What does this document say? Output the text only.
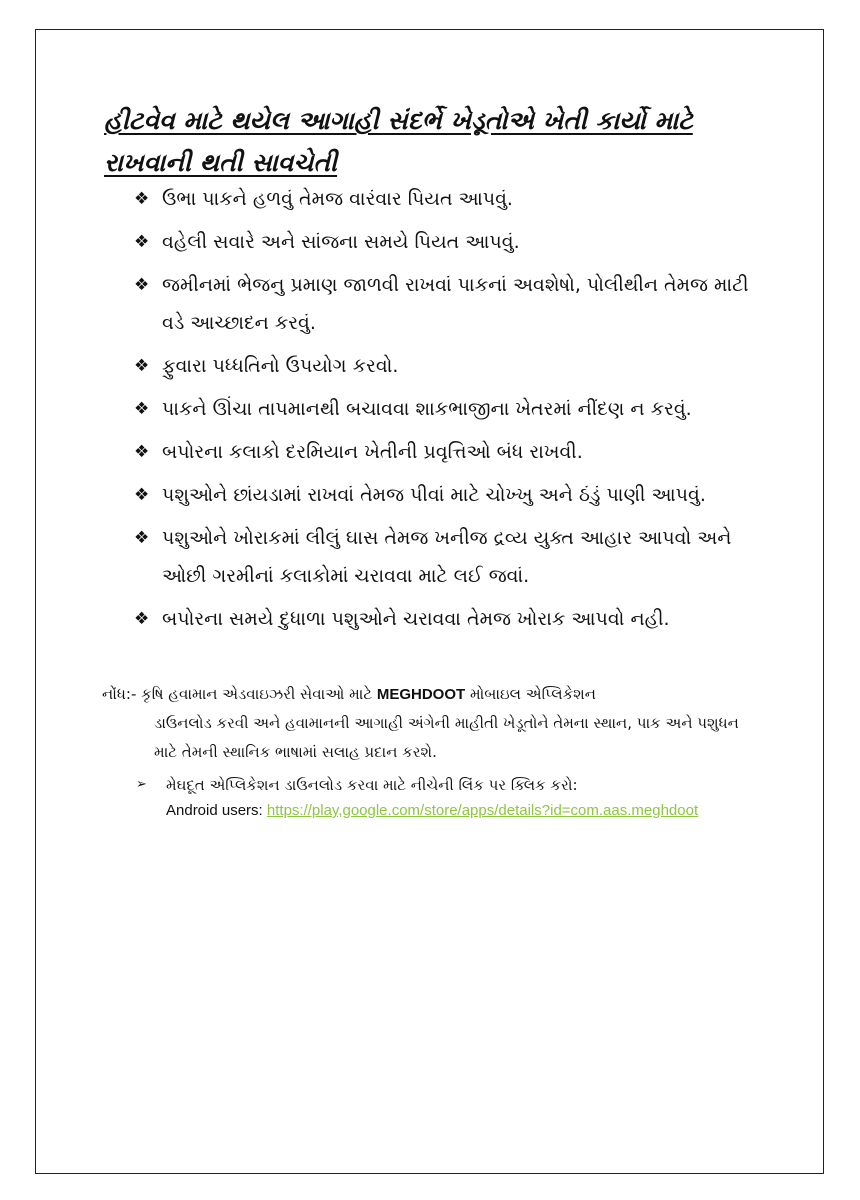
હીટવેવ માટે થયેલ આગાહી સંદર્ભે ખેડૂતોએ ખેતી કાર્યો માટે રાખવાની થતી સાવચેતી
❖ ઉભા પાકને હળવું તેમજ વારંવાર પિયત આપવું.
❖ વહેલી સવારે અને સાંજના સમયે પિયત આપવું.
❖ જમીનમાં ભેજનુ પ્રમાણ જાળવી રાખવાં પાકનાં અવશેષો, પોલીથીન તેમજ માટી વડે આચ્છાદન કરવું.
❖ ફુવારા પધ્ધતિનો ઉપયોગ કરવો.
❖ પાકને ઊંચા તાપમાનથી બચાવવા શાકભાજીના ખેતરમાં નીંદણ ન કરવું.
❖ બપોરના કલાકો દરમિયાન ખેતીની પ્રવૃત્તિઓ બંધ રાખવી.
❖ પશુઓને છાંયડામાં રાખવાં તેમજ પીવાં માટે ચોખ્ખુ અને ઠંડું પાણી આપવું.
❖ પશુઓને ખોરાકમાં લીલું ઘાસ તેમજ ખનીજ દ્રવ્ય યુક્ત આહાર આપવો અને ઓછી ગરમીનાં કલાકોમાં ચરાવવા માટે લઈ જવાં.
❖ બપોરના સમયે દુધાળા પશુઓને ચરાવવા તેમજ ખોરાક આપવો નહી.
નોંધ:- કૃષિ હવામાન એડવાઇઝરી સેવાઓ માટે MEGHDOOT મોબાઇલ એપ્લિકેશન
ડાઉનલોડ કરવી અને હવામાનની આગાહી અંગેની માહીતી ખેડૂતોને તેમના સ્થાન, પાક અને પશુધન માટે તેમની સ્થાનિક ભાષામાં સલાહ પ્રદાન કરશે.
➢	મેઘદૂત એપ્લિકેશન ડાઉનલોડ કરવા માટે નીચેની લિંક પર ક્લિક કરો:
Android users: https://play,google.com/store/apps/details?id=com.aas.meghdoot
